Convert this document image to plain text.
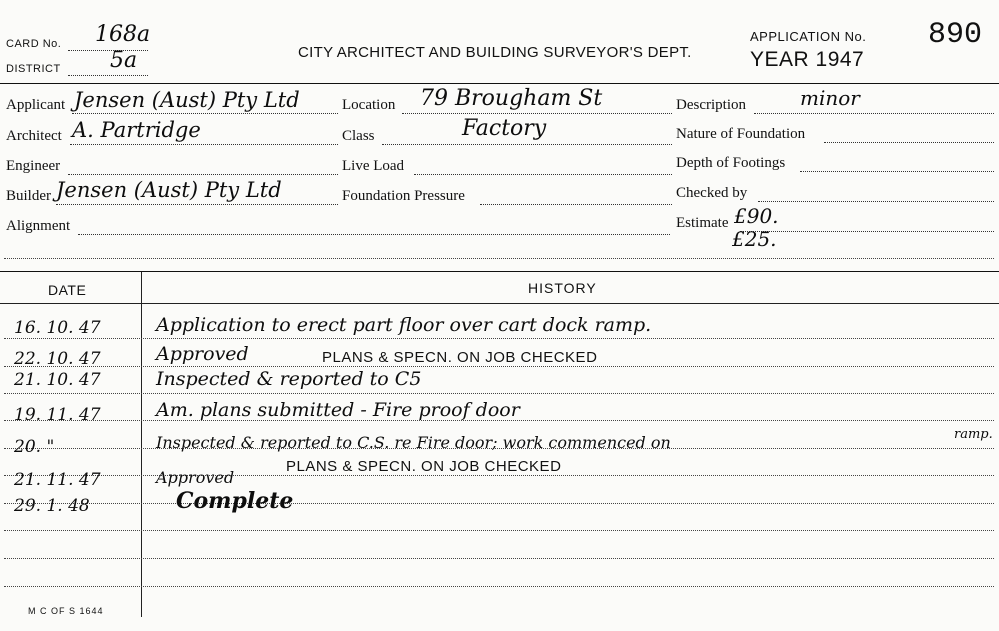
CARD No. 168a
DISTRICT 5a	CITY ARCHITECT AND BUILDING SURVEYOR'S DEPT.
APPLICATION No. 890
YEAR 1947
Applicant Jensen (Aust) Pty Ltd
Architect A. Partridge
Engineer
Builder Jensen (Aust) Pty Ltd
Alignment
Location 79 Brougham St
Class	Factory
Live Load
Foundation Pressure
Description	minor
Nature of Foundation
Depth of Footings
Checked by
Estimate £90.
£25.
DATE	HISTORY
16. 10. 47	Application to erect part floor over cart dock ramp.
22. 10. 47	Approved	PLANS & SPECN. ON JOB CHECKED
21. 10. 47	Inspected & reported to C5
19. 11. 47	Am. plans submitted - Fire proof door
20. "	Inspected & reported to C.S. re Fire door; work commenced on	ramp.
21. 11. 47	Approved
PLANS & SPECN. ON JOB CHECKED
29. 1. 48	Complete
M C OF S 1644
